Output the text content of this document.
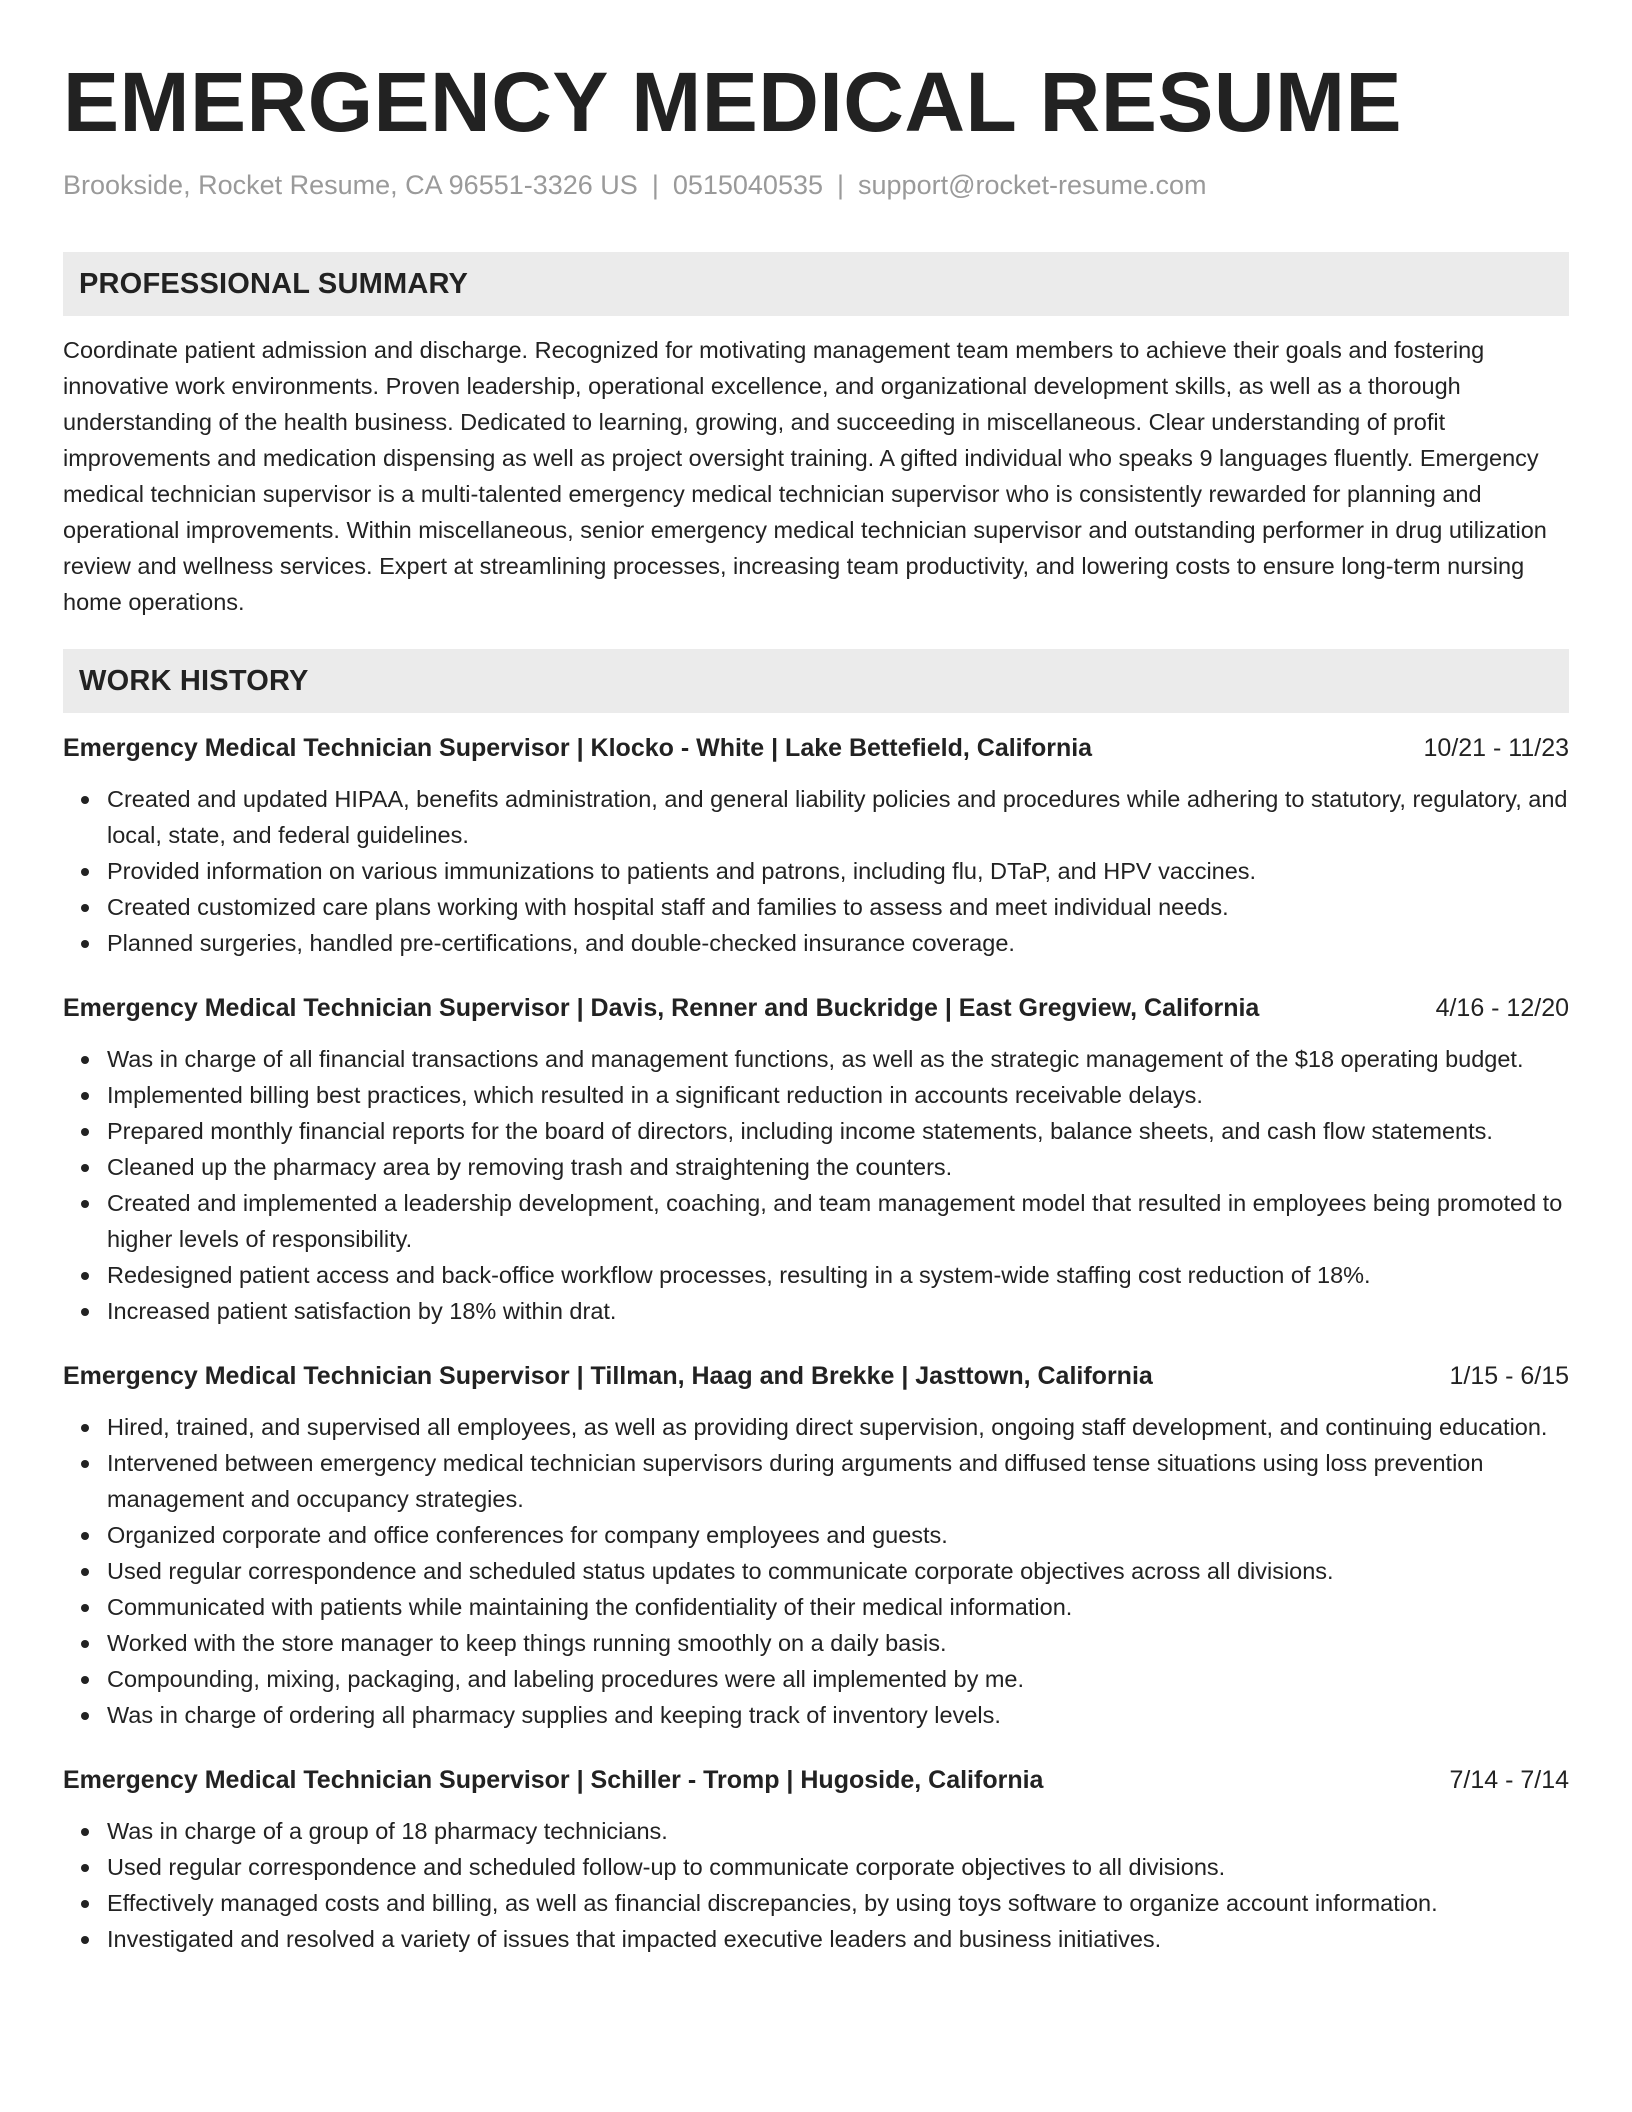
EMERGENCY MEDICAL RESUME
Brookside, Rocket Resume, CA 96551-3326 US | 0515040535 | support@rocket-resume.com
PROFESSIONAL SUMMARY
Coordinate patient admission and discharge. Recognized for motivating management team members to achieve their goals and fostering innovative work environments. Proven leadership, operational excellence, and organizational development skills, as well as a thorough understanding of the health business. Dedicated to learning, growing, and succeeding in miscellaneous. Clear understanding of profit improvements and medication dispensing as well as project oversight training. A gifted individual who speaks 9 languages fluently. Emergency medical technician supervisor is a multi-talented emergency medical technician supervisor who is consistently rewarded for planning and operational improvements. Within miscellaneous, senior emergency medical technician supervisor and outstanding performer in drug utilization review and wellness services. Expert at streamlining processes, increasing team productivity, and lowering costs to ensure long-term nursing home operations.
WORK HISTORY
Emergency Medical Technician Supervisor | Klocko - White | Lake Bettefield, California	10/21 - 11/23
Created and updated HIPAA, benefits administration, and general liability policies and procedures while adhering to statutory, regulatory, and local, state, and federal guidelines.
Provided information on various immunizations to patients and patrons, including flu, DTaP, and HPV vaccines.
Created customized care plans working with hospital staff and families to assess and meet individual needs.
Planned surgeries, handled pre-certifications, and double-checked insurance coverage.
Emergency Medical Technician Supervisor | Davis, Renner and Buckridge | East Gregview, California	4/16 - 12/20
Was in charge of all financial transactions and management functions, as well as the strategic management of the $18 operating budget.
Implemented billing best practices, which resulted in a significant reduction in accounts receivable delays.
Prepared monthly financial reports for the board of directors, including income statements, balance sheets, and cash flow statements.
Cleaned up the pharmacy area by removing trash and straightening the counters.
Created and implemented a leadership development, coaching, and team management model that resulted in employees being promoted to higher levels of responsibility.
Redesigned patient access and back-office workflow processes, resulting in a system-wide staffing cost reduction of 18%.
Increased patient satisfaction by 18% within drat.
Emergency Medical Technician Supervisor | Tillman, Haag and Brekke | Jasttown, California	1/15 - 6/15
Hired, trained, and supervised all employees, as well as providing direct supervision, ongoing staff development, and continuing education.
Intervened between emergency medical technician supervisors during arguments and diffused tense situations using loss prevention management and occupancy strategies.
Organized corporate and office conferences for company employees and guests.
Used regular correspondence and scheduled status updates to communicate corporate objectives across all divisions.
Communicated with patients while maintaining the confidentiality of their medical information.
Worked with the store manager to keep things running smoothly on a daily basis.
Compounding, mixing, packaging, and labeling procedures were all implemented by me.
Was in charge of ordering all pharmacy supplies and keeping track of inventory levels.
Emergency Medical Technician Supervisor | Schiller - Tromp | Hugoside, California	7/14 - 7/14
Was in charge of a group of 18 pharmacy technicians.
Used regular correspondence and scheduled follow-up to communicate corporate objectives to all divisions.
Effectively managed costs and billing, as well as financial discrepancies, by using toys software to organize account information.
Investigated and resolved a variety of issues that impacted executive leaders and business initiatives.
